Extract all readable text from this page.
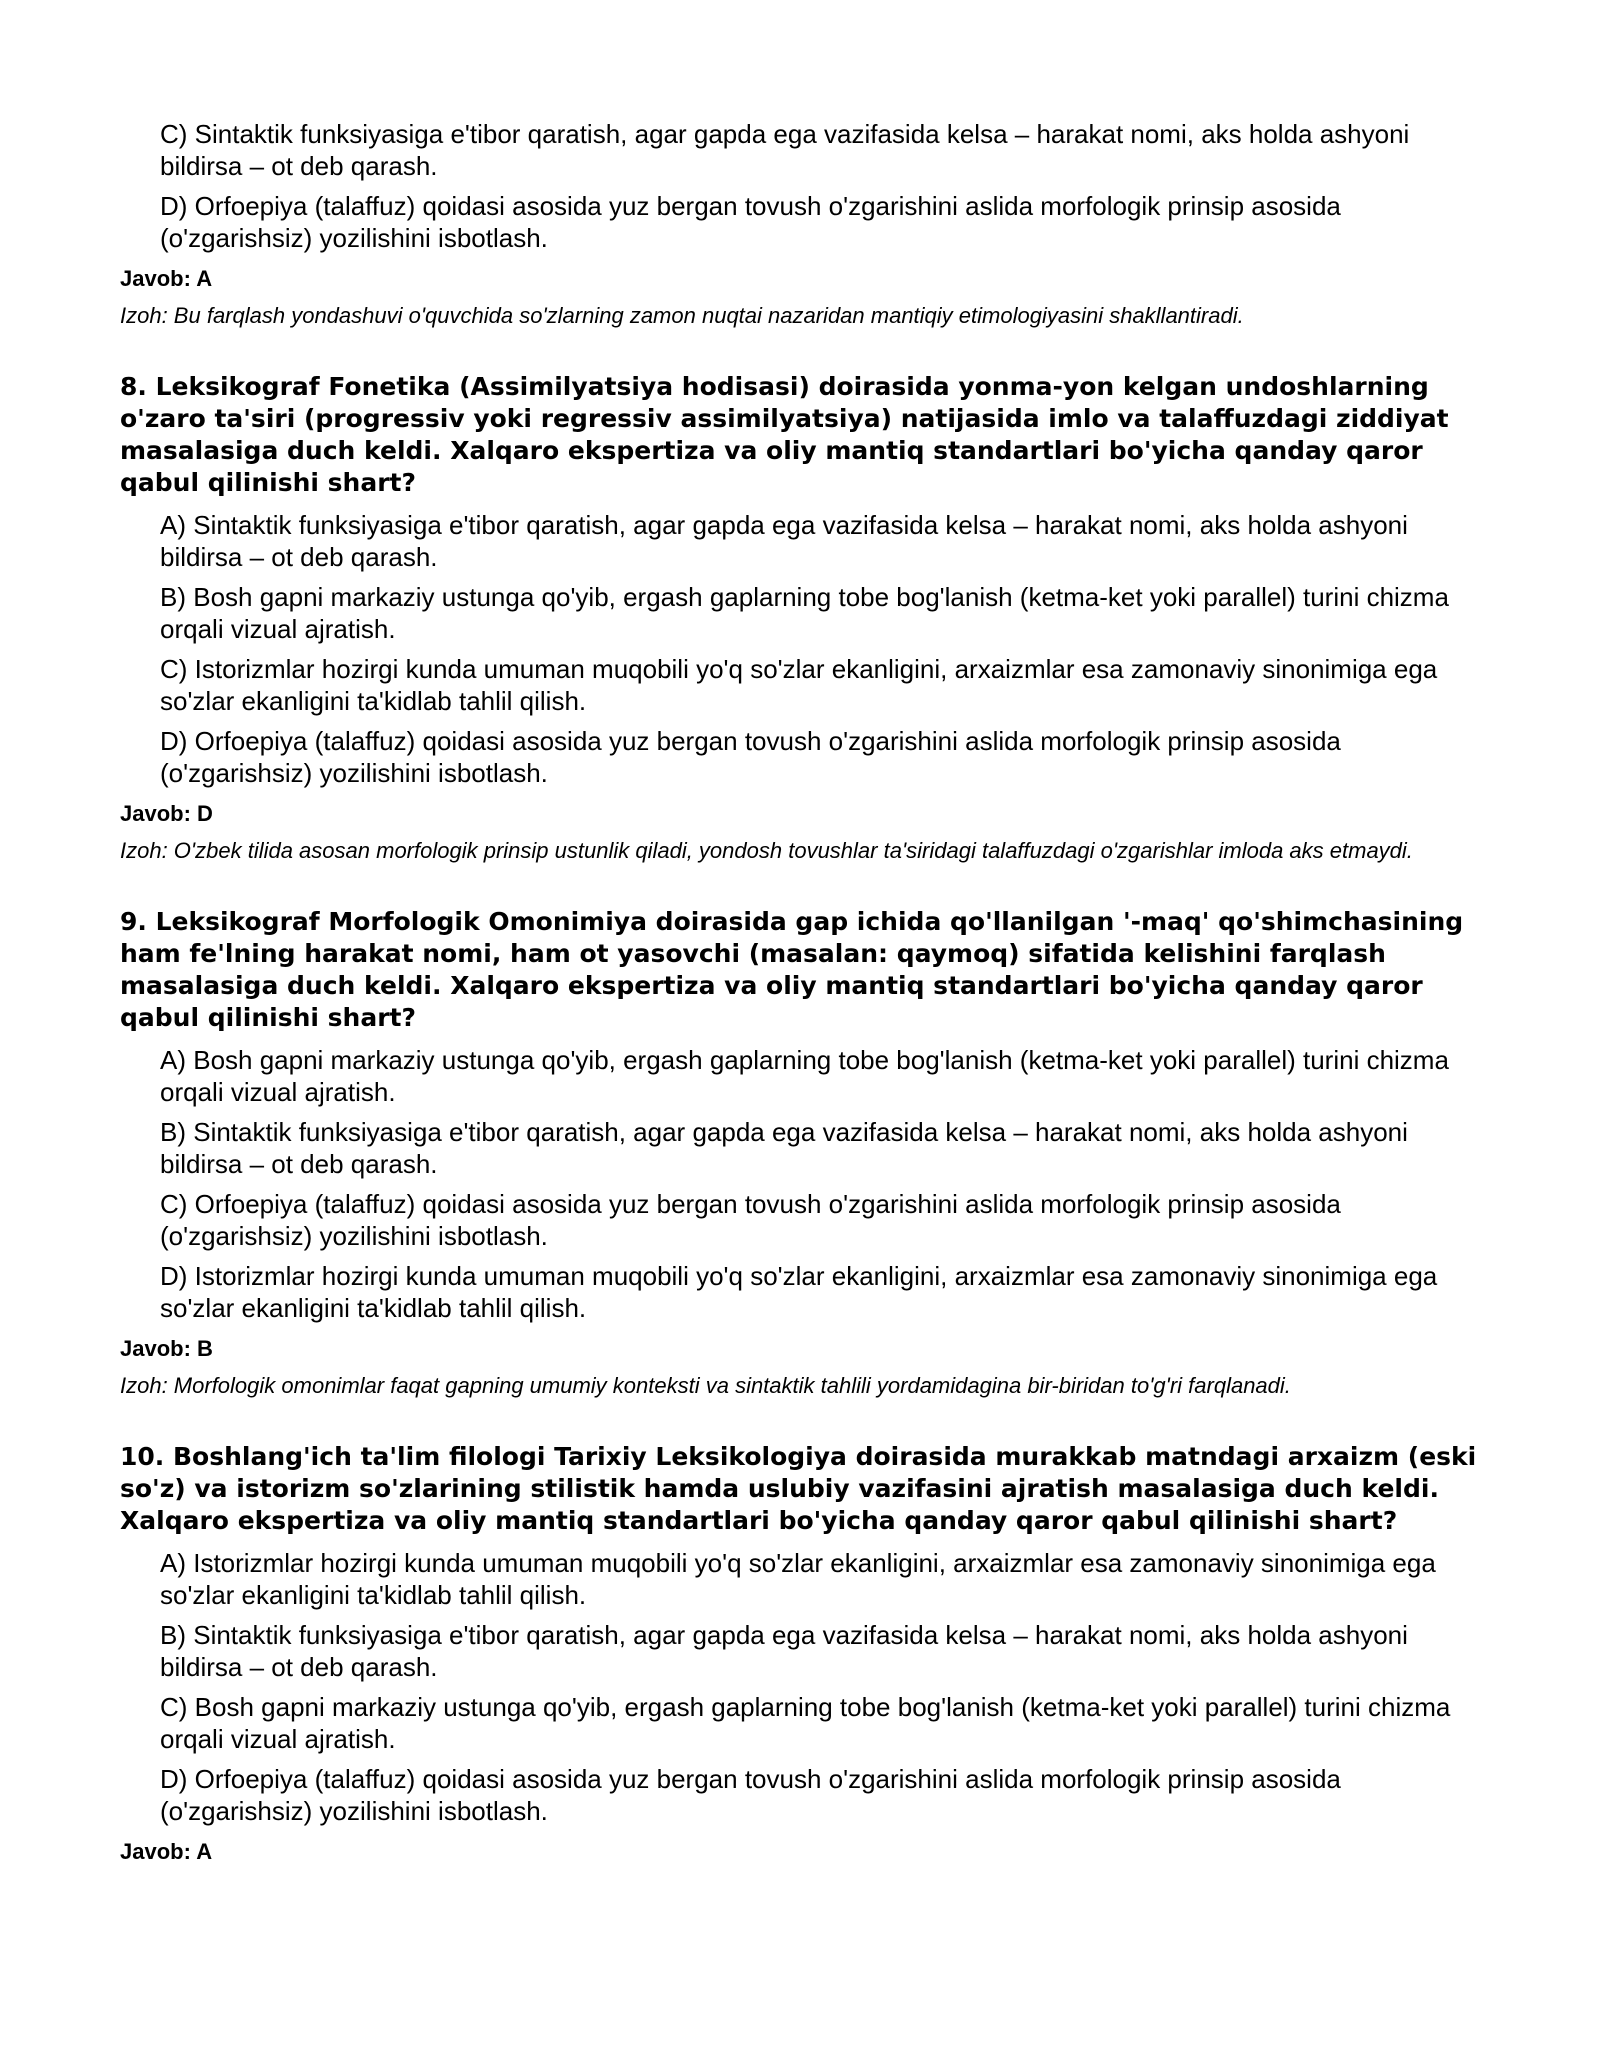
C) Sintaktik funksiyasiga e'tibor qaratish, agar gapda ega vazifasida kelsa – harakat nomi, aks holda ashyoni bildirsa – ot deb qarash.

D) Orfoepiya (talaffuz) qoidasi asosida yuz bergan tovush o'zgarishini aslida morfologik prinsip asosida (o'zgarishsiz) yozilishini isbotlash.

Javob: A

Izoh: Bu farqlash yondashuvi o'quvchida so'zlarning zamon nuqtai nazaridan mantiqiy etimologiyasini shakllantiradi.

8. Leksikograf Fonetika (Assimilyatsiya hodisasi) doirasida yonma-yon kelgan undoshlarning o'zaro ta'siri (progressiv yoki regressiv assimilyatsiya) natijasida imlo va talaffuzdagi ziddiyat masalasiga duch keldi. Xalqaro ekspertiza va oliy mantiq standartlari bo'yicha qanday qaror qabul qilinishi shart?

A) Sintaktik funksiyasiga e'tibor qaratish, agar gapda ega vazifasida kelsa – harakat nomi, aks holda ashyoni bildirsa – ot deb qarash.

B) Bosh gapni markaziy ustunga qo'yib, ergash gaplarning tobe bog'lanish (ketma-ket yoki parallel) turini chizma orqali vizual ajratish.

C) Istorizmlar hozirgi kunda umuman muqobili yo'q so'zlar ekanligini, arxaizmlar esa zamonaviy sinonimiga ega so'zlar ekanligini ta'kidlab tahlil qilish.

D) Orfoepiya (talaffuz) qoidasi asosida yuz bergan tovush o'zgarishini aslida morfologik prinsip asosida (o'zgarishsiz) yozilishini isbotlash.

Javob: D

Izoh: O'zbek tilida asosan morfologik prinsip ustunlik qiladi, yondosh tovushlar ta'siridagi talaffuzdagi o'zgarishlar imloda aks etmaydi.

9. Leksikograf Morfologik Omonimiya doirasida gap ichida qo'llanilgan '-maq' qo'shimchasining ham fe'lning harakat nomi, ham ot yasovchi (masalan: qaymoq) sifatida kelishini farqlash masalasiga duch keldi. Xalqaro ekspertiza va oliy mantiq standartlari bo'yicha qanday qaror qabul qilinishi shart?

A) Bosh gapni markaziy ustunga qo'yib, ergash gaplarning tobe bog'lanish (ketma-ket yoki parallel) turini chizma orqali vizual ajratish.

B) Sintaktik funksiyasiga e'tibor qaratish, agar gapda ega vazifasida kelsa – harakat nomi, aks holda ashyoni bildirsa – ot deb qarash.

C) Orfoepiya (talaffuz) qoidasi asosida yuz bergan tovush o'zgarishini aslida morfologik prinsip asosida (o'zgarishsiz) yozilishini isbotlash.

D) Istorizmlar hozirgi kunda umuman muqobili yo'q so'zlar ekanligini, arxaizmlar esa zamonaviy sinonimiga ega so'zlar ekanligini ta'kidlab tahlil qilish.

Javob: B

Izoh: Morfologik omonimlar faqat gapning umumiy konteksti va sintaktik tahlili yordamidagina bir-biridan to'g'ri farqlanadi.

10. Boshlang'ich ta'lim filologi Tarixiy Leksikologiya doirasida murakkab matndagi arxaizm (eski so'z) va istorizm so'zlarining stilistik hamda uslubiy vazifasini ajratish masalasiga duch keldi. Xalqaro ekspertiza va oliy mantiq standartlari bo'yicha qanday qaror qabul qilinishi shart?

A) Istorizmlar hozirgi kunda umuman muqobili yo'q so'zlar ekanligini, arxaizmlar esa zamonaviy sinonimiga ega so'zlar ekanligini ta'kidlab tahlil qilish.

B) Sintaktik funksiyasiga e'tibor qaratish, agar gapda ega vazifasida kelsa – harakat nomi, aks holda ashyoni bildirsa – ot deb qarash.

C) Bosh gapni markaziy ustunga qo'yib, ergash gaplarning tobe bog'lanish (ketma-ket yoki parallel) turini chizma orqali vizual ajratish.

D) Orfoepiya (talaffuz) qoidasi asosida yuz bergan tovush o'zgarishini aslida morfologik prinsip asosida (o'zgarishsiz) yozilishini isbotlash.

Javob: A
